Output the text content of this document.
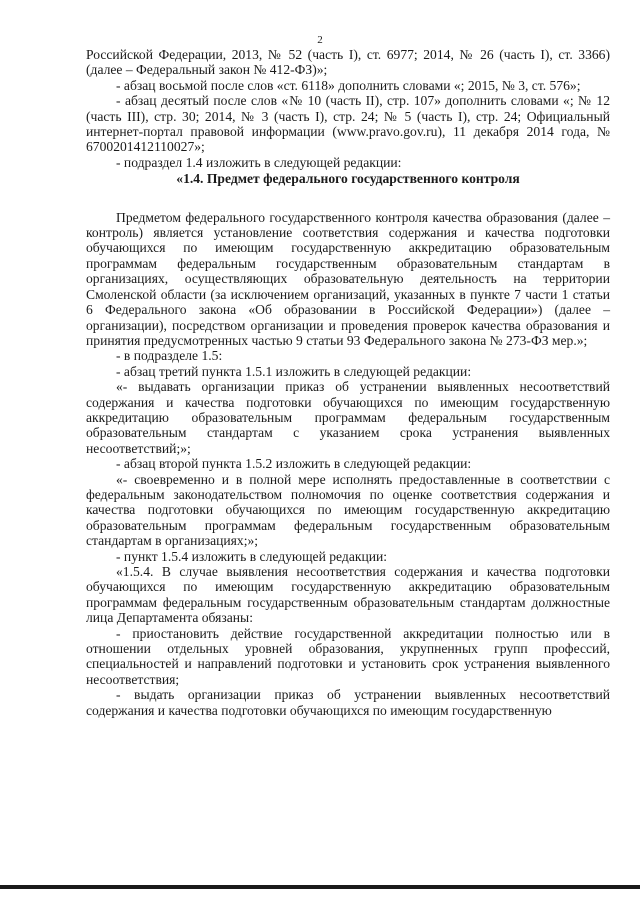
2

Российской Федерации, 2013, № 52 (часть I), ст. 6977; 2014, № 26 (часть I), ст. 3366) (далее – Федеральный закон № 412-ФЗ)»;

- абзац восьмой после слов «ст. 6118» дополнить словами «; 2015, № 3, ст. 576»;

- абзац десятый после слов «№ 10 (часть II), стр. 107» дополнить словами «; № 12 (часть III), стр. 30; 2014, № 3 (часть I), стр. 24; № 5 (часть I), стр. 24; Официальный интернет-портал правовой информации (www.pravo.gov.ru), 11 декабря 2014 года, № 6700201412110027»;

- подраздел 1.4 изложить в следующей редакции:

«1.4. Предмет федерального государственного контроля

Предметом федерального государственного контроля качества образования (далее – контроль) является установление соответствия содержания и качества подготовки обучающихся по имеющим государственную аккредитацию образовательным программам федеральным государственным образовательным стандартам в организациях, осуществляющих образовательную деятельность на территории Смоленской области (за исключением организаций, указанных в пункте 7 части 1 статьи 6 Федерального закона «Об образовании в Российской Федерации») (далее – организации), посредством организации и проведения проверок качества образования и принятия предусмотренных частью 9 статьи 93 Федерального закона № 273-ФЗ мер.»;

- в подразделе 1.5:

- абзац третий пункта 1.5.1 изложить в следующей редакции:

«- выдавать организации приказ об устранении выявленных несоответствий содержания и качества подготовки обучающихся по имеющим государственную аккредитацию образовательным программам федеральным государственным образовательным стандартам с указанием срока устранения выявленных несоответствий;»;

- абзац второй пункта 1.5.2 изложить в следующей редакции:

«- своевременно и в полной мере исполнять предоставленные в соответствии с федеральным законодательством полномочия по оценке соответствия содержания и качества подготовки обучающихся по имеющим государственную аккредитацию образовательным программам федеральным государственным образовательным стандартам в организациях;»;

- пункт 1.5.4 изложить в следующей редакции:

«1.5.4. В случае выявления несоответствия содержания и качества подготовки обучающихся по имеющим государственную аккредитацию образовательным программам федеральным государственным образовательным стандартам должностные лица Департамента обязаны:

- приостановить действие государственной аккредитации полностью или в отношении отдельных уровней образования, укрупненных групп профессий, специальностей и направлений подготовки и установить срок устранения выявленного несоответствия;

- выдать организации приказ об устранении выявленных несоответствий содержания и качества подготовки обучающихся по имеющим государственную
